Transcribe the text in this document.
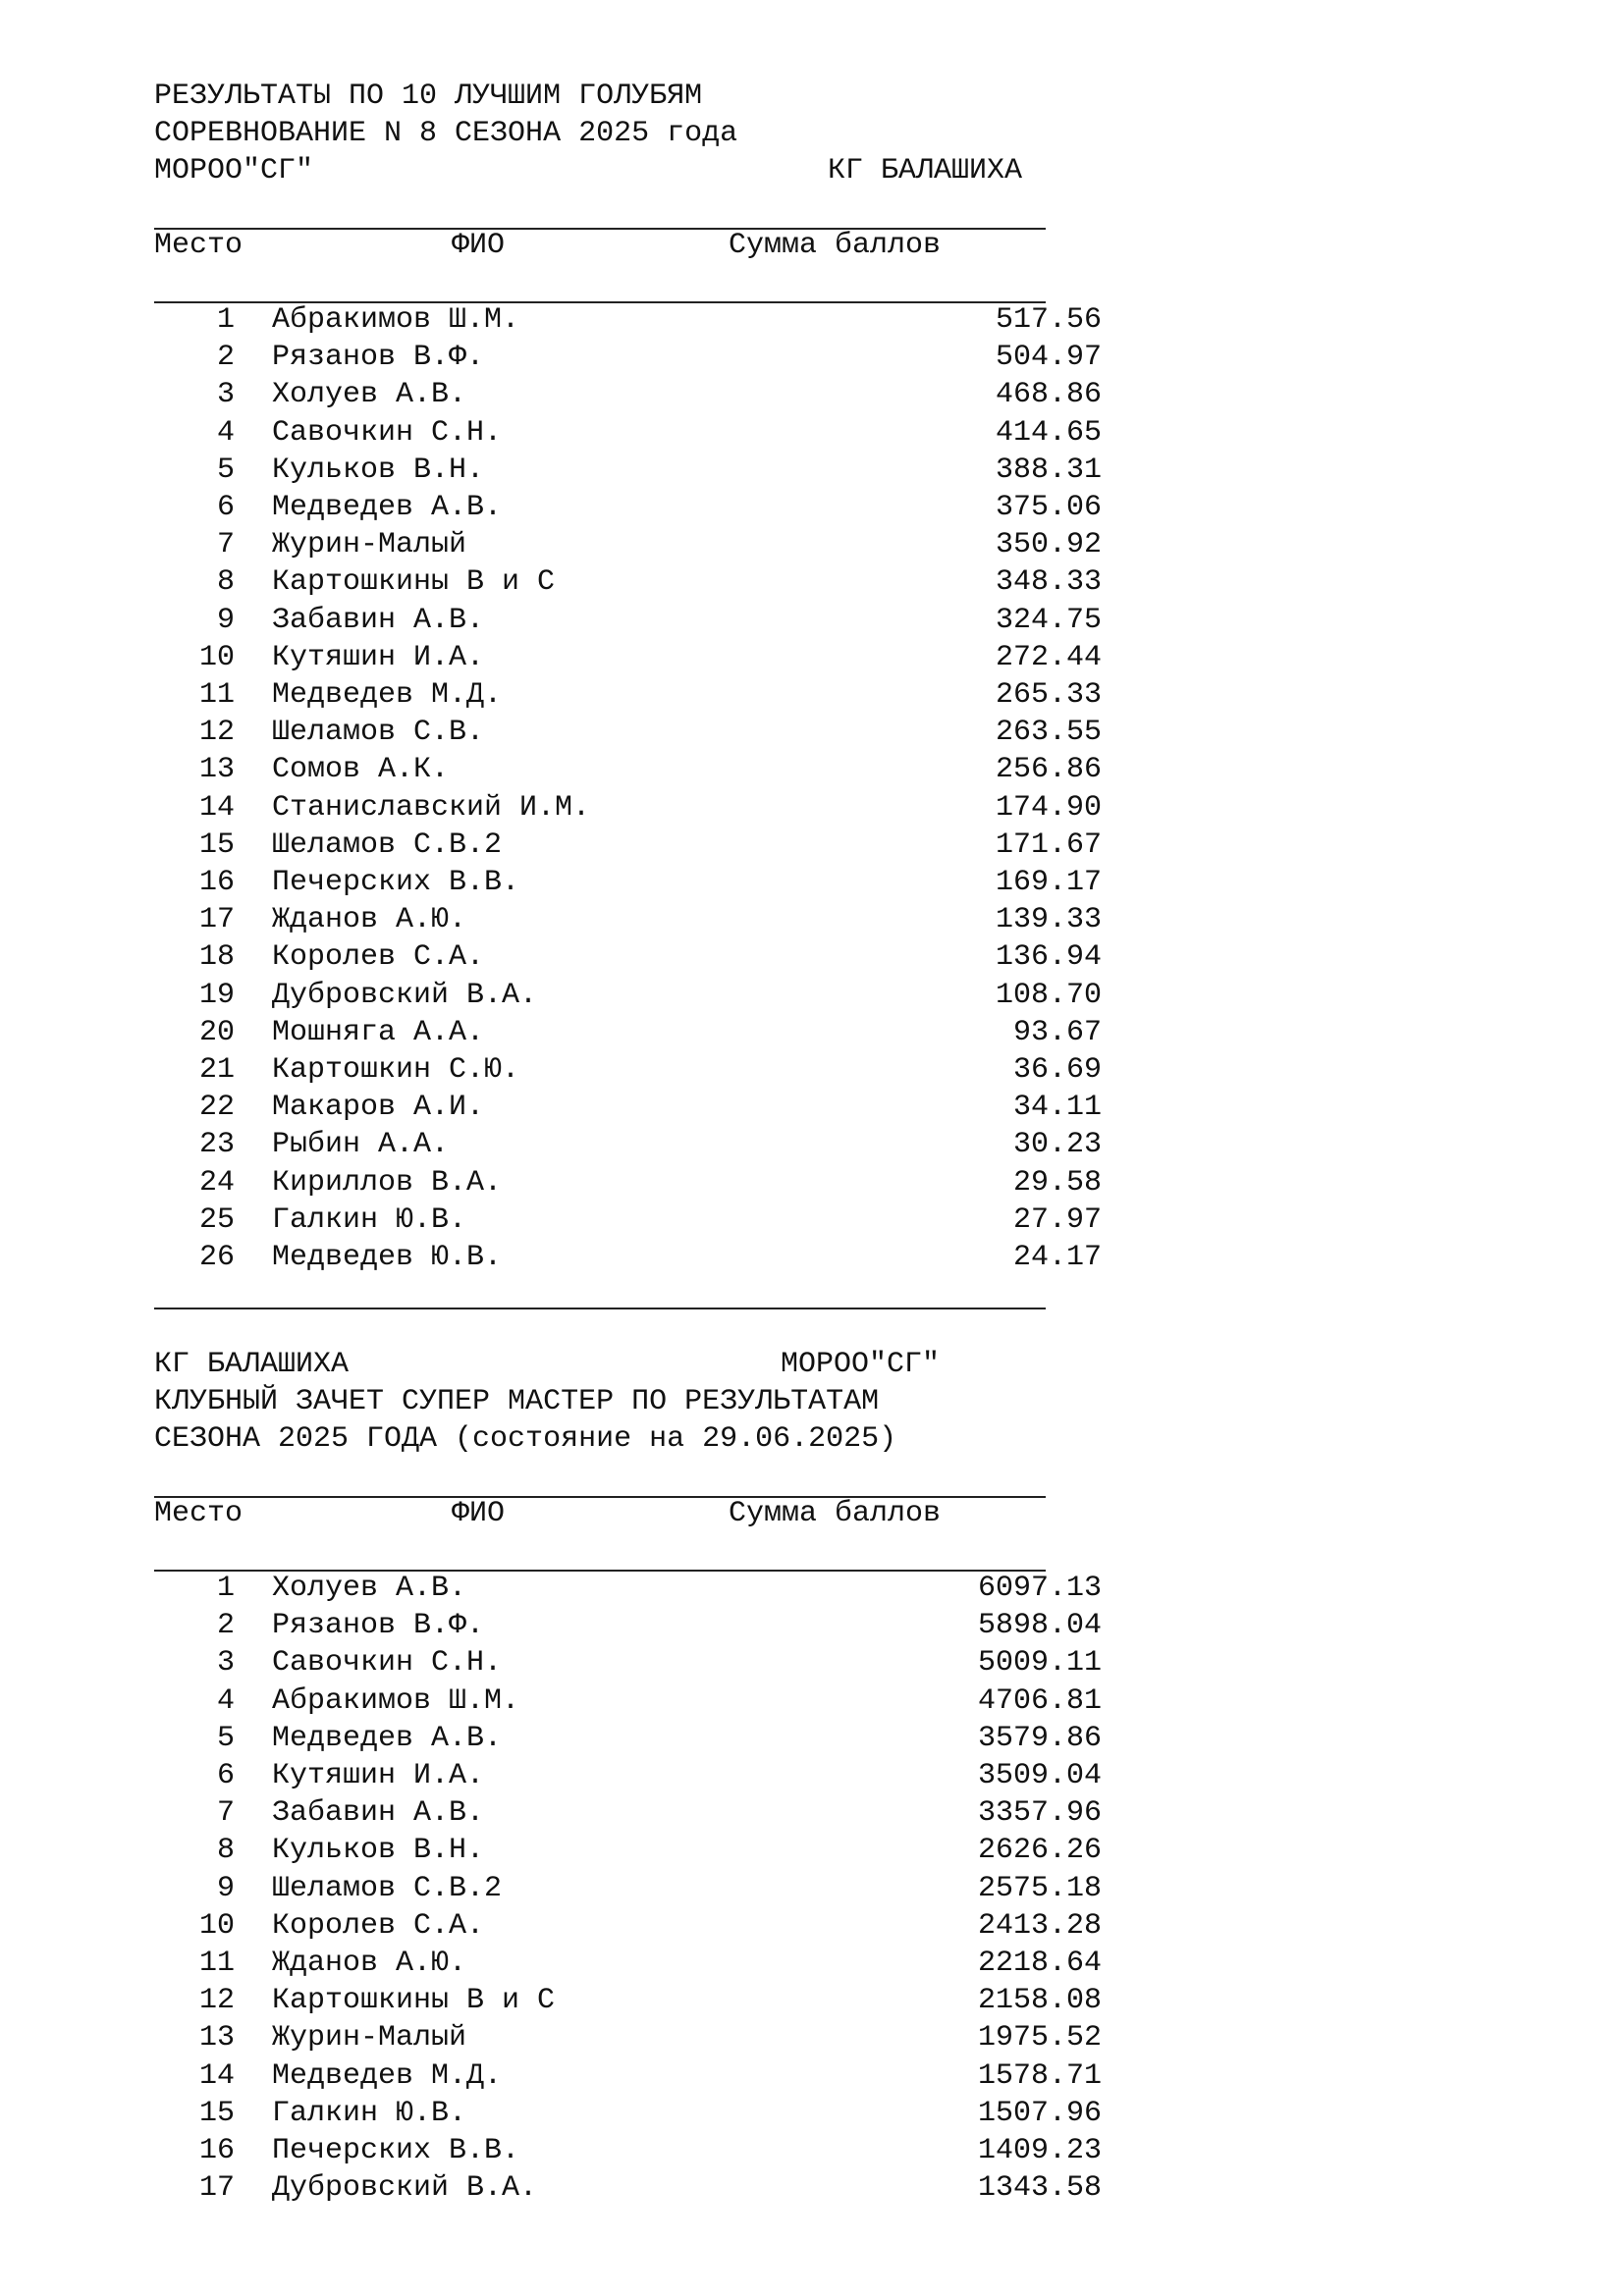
РЕЗУЛЬТАТЫ ПО 10 ЛУЧШИМ ГОЛУБЯМ
СОРЕВНОВАНИЕ N 8 СЕЗОНА 2025 года
МОРОО"СГ"	КГ БАЛАШИХА
Место	ФИО	Сумма баллов
1 Абракимов Ш.М.	517.56
2 Рязанов В.Ф.	504.97
3 Холуев А.В.	468.86
4 Савочкин С.Н.	414.65
5 Кульков В.Н.	388.31
6 Медведев А.В.	375.06
7 Журин-Малый	350.92
8 Картошкины В и С	348.33
9 Забавин А.В.	324.75
10 Кутяшин И.А.	272.44
11 Медведев М.Д.	265.33
12 Шеламов С.В.	263.55
13 Сомов А.К.	256.86
14 Станиславский И.М.	174.90
15 Шеламов С.В.2	171.67
16 Печерских В.В.	169.17
17 Жданов А.Ю.	139.33
18 Королев С.А.	136.94
19 Дубровский В.А.	108.70
20 Мошняга А.А.	93.67
21 Картошкин С.Ю.	36.69
22 Макаров А.И.	34.11
23 Рыбин А.А.	30.23
24 Кириллов В.А.	29.58
25 Галкин Ю.В.	27.97
26 Медведев Ю.В.	24.17
КГ БАЛАШИХА	МОРОО"СГ"
КЛУБНЫЙ ЗАЧЕТ СУПЕР МАСТЕР ПО РЕЗУЛЬТАТАМ
СЕЗОНА 2025 ГОДА (состояние на 29.06.2025)
Место	ФИО	Сумма баллов
1 Холуев А.В.	6097.13
2 Рязанов В.Ф.	5898.04
3 Савочкин С.Н.	5009.11
4 Абракимов Ш.М.	4706.81
5 Медведев А.В.	3579.86
6 Кутяшин И.А.	3509.04
7 Забавин А.В.	3357.96
8 Кульков В.Н.	2626.26
9 Шеламов С.В.2	2575.18
10 Королев С.А.	2413.28
11 Жданов А.Ю.	2218.64
12 Картошкины В и С	2158.08
13 Журин-Малый	1975.52
14 Медведев М.Д.	1578.71
15 Галкин Ю.В.	1507.96
16 Печерских В.В.	1409.23
17 Дубровский В.А.	1343.58
